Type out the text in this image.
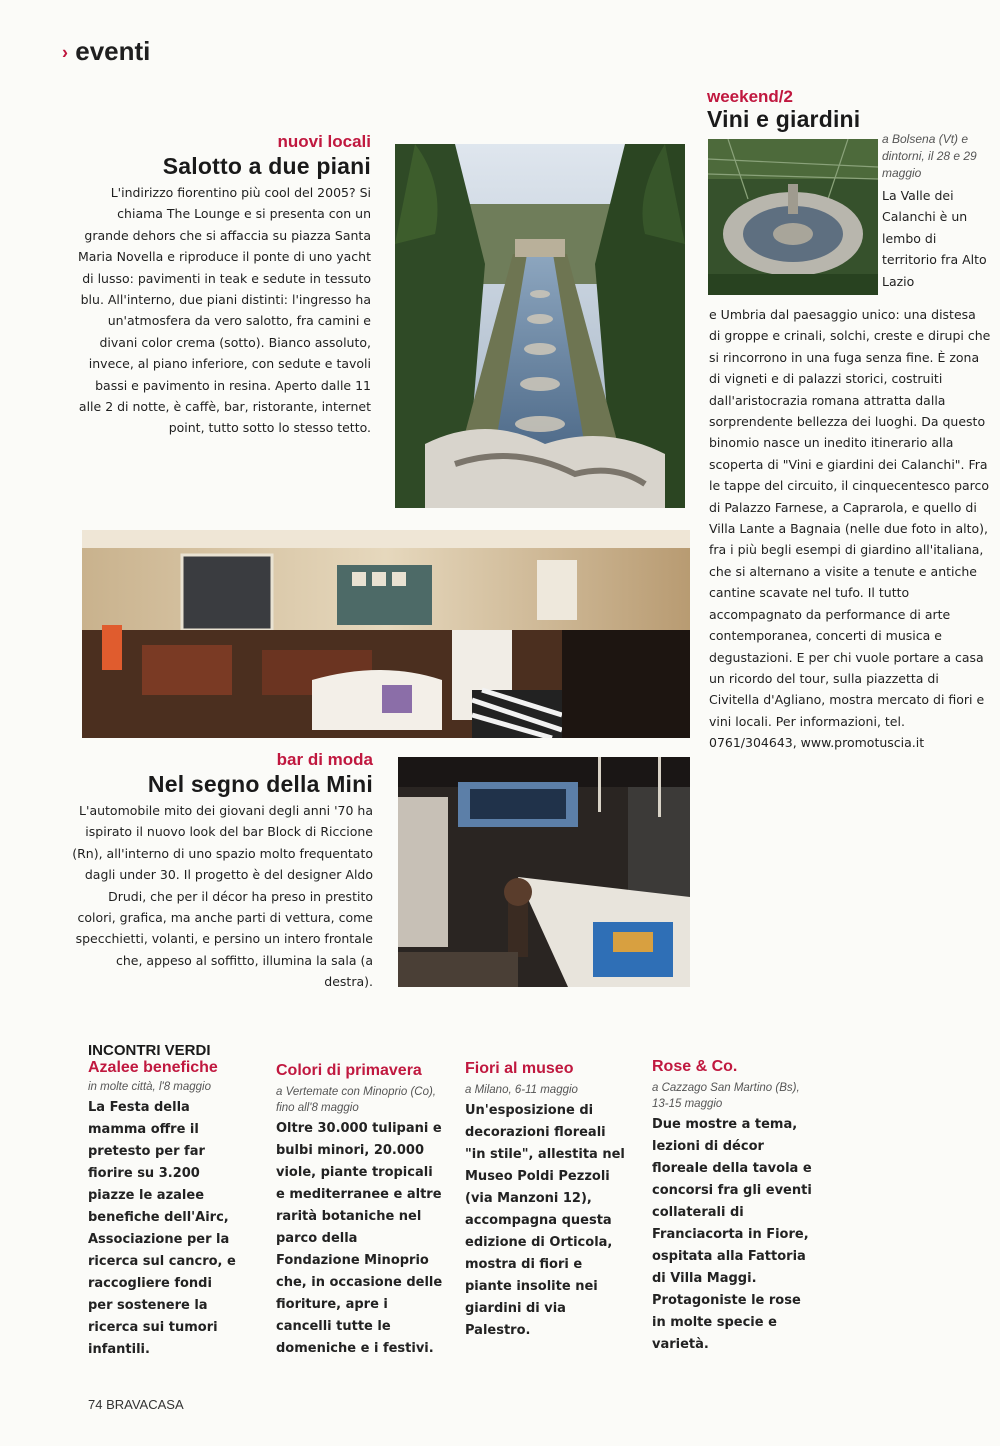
› eventi
nuovi locali
Salotto a due piani

L'indirizzo fiorentino più cool del 2005? Si chiama The Lounge e si presenta con un grande dehors che si affaccia su piazza Santa Maria Novella e riproduce il ponte di uno yacht di lusso: pavimenti in teak e sedute in tessuto blu. All'interno, due piani distinti: l'ingresso ha un'atmosfera da vero salotto, fra camini e divani color crema (sotto). Bianco assoluto, invece, al piano inferiore, con sedute e tavoli bassi e pavimento in resina. Aperto dalle 11 alle 2 di notte, è caffè, bar, ristorante, internet point, tutto sotto lo stesso tetto.

weekend/2
Vini e giardini
a Bolsena (Vt) e dintorni, il 28 e 29 maggio

La Valle dei Calanchi è un lembo di territorio fra Alto Lazio

e Umbria dal paesaggio unico: una distesa di groppe e crinali, solchi, creste e dirupi che si rincorrono in una fuga senza fine. È zona di vigneti e di palazzi storici, costruiti dall'aristocrazia romana attratta dalla sorprendente bellezza dei luoghi. Da questo binomio nasce un inedito itinerario alla scoperta di "Vini e giardini dei Calanchi". Fra le tappe del circuito, il cinquecentesco parco di Palazzo Farnese, a Caprarola, e quello di Villa Lante a Bagnaia (nelle due foto in alto), fra i più begli esempi di giardino all'italiana, che si alternano a visite a tenute e antiche cantine scavate nel tufo. Il tutto accompagnato da performance di arte contemporanea, concerti di musica e degustazioni. E per chi vuole portare a casa un ricordo del tour, sulla piazzetta di Civitella d'Agliano, mostra mercato di fiori e vini locali. Per informazioni, tel. 0761/304643, www.promotuscia.it

bar di moda
Nel segno della Mini

L'automobile mito dei giovani degli anni '70 ha ispirato il nuovo look del bar Block di Riccione (Rn), all'interno di uno spazio molto frequentato dagli under 30. Il progetto è del designer Aldo Drudi, che per il décor ha preso in prestito colori, grafica, ma anche parti di vettura, come specchietti, volanti, e persino un intero frontale che, appeso al soffitto, illumina la sala (a destra).

INCONTRI VERDI
Azalee benefiche
in molte città, l'8 maggio

La Festa della mamma offre il pretesto per far fiorire su 3.200 piazze le azalee benefiche dell'Airc, Associazione per la ricerca sul cancro, e raccogliere fondi per sostenere la ricerca sui tumori infantili.

Colori di primavera
a Vertemate con Minoprio (Co), fino all'8 maggio

Oltre 30.000 tulipani e bulbi minori, 20.000 viole, piante tropicali e mediterranee e altre rarità botaniche nel parco della Fondazione Minoprio che, in occasione delle fioriture, apre i cancelli tutte le domeniche e i festivi.

Fiori al museo
a Milano, 6-11 maggio

Un'esposizione di decorazioni floreali "in stile", allestita nel Museo Poldi Pezzoli (via Manzoni 12), accompagna questa edizione di Orticola, mostra di fiori e piante insolite nei giardini di via Palestro.

Rose & Co.
a Cazzago San Martino (Bs), 13-15 maggio

Due mostre a tema, lezioni di décor floreale della tavola e concorsi fra gli eventi collaterali di Franciacorta in Fiore, ospitata alla Fattoria di Villa Maggi. Protagoniste le rose in molte specie e varietà.

74 BRAVACASA
